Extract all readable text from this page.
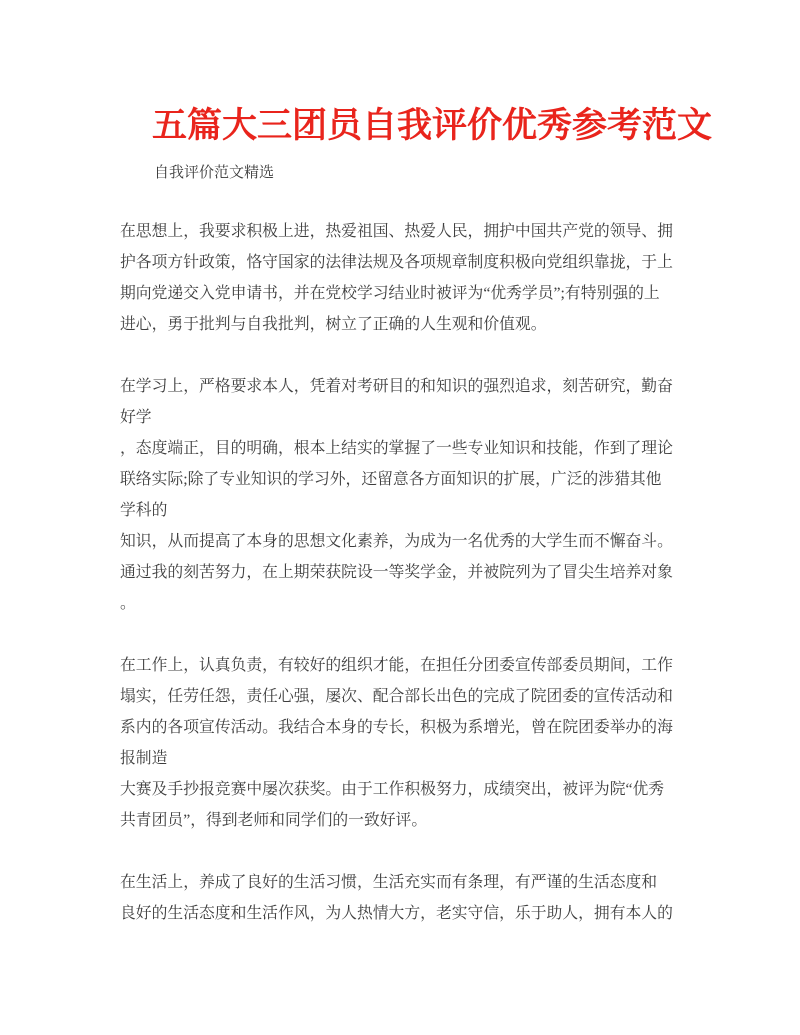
五篇大三团员自我评价优秀参考范文
自我评价范文精选
在思想上，我要求积极上进，热爱祖国、热爱人民，拥护中国共产党的领导、拥
护各项方针政策，恪守国家的法律法规及各项规章制度积极向党组织靠拢，于上
期向党递交入党申请书，并在党校学习结业时被评为“优秀学员”;有特别强的上
进心，勇于批判与自我批判，树立了正确的人生观和价值观。
在学习上，严格要求本人，凭着对考研目的和知识的强烈追求，刻苦研究，勤奋
好学
，态度端正，目的明确，根本上结实的掌握了一些专业知识和技能，作到了理论
联络实际;除了专业知识的学习外，还留意各方面知识的扩展，广泛的涉猎其他
学科的
知识，从而提高了本身的思想文化素养，为成为一名优秀的大学生而不懈奋斗。
通过我的刻苦努力，在上期荣获院设一等奖学金，并被院列为了冒尖生培养对象
。
在工作上，认真负责，有较好的组织才能，在担任分团委宣传部委员期间，工作
塌实，任劳任怨，责任心强，屡次、配合部长出色的完成了院团委的宣传活动和
系内的各项宣传活动。我结合本身的专长，积极为系增光，曾在院团委举办的海
报制造
大赛及手抄报竞赛中屡次获奖。由于工作积极努力，成绩突出，被评为院“优秀
共青团员”，得到老师和同学们的一致好评。
在生活上，养成了良好的生活习惯，生活充实而有条理，有严谨的生活态度和
良好的生活态度和生活作风，为人热情大方，老实守信，乐于助人，拥有本人的
